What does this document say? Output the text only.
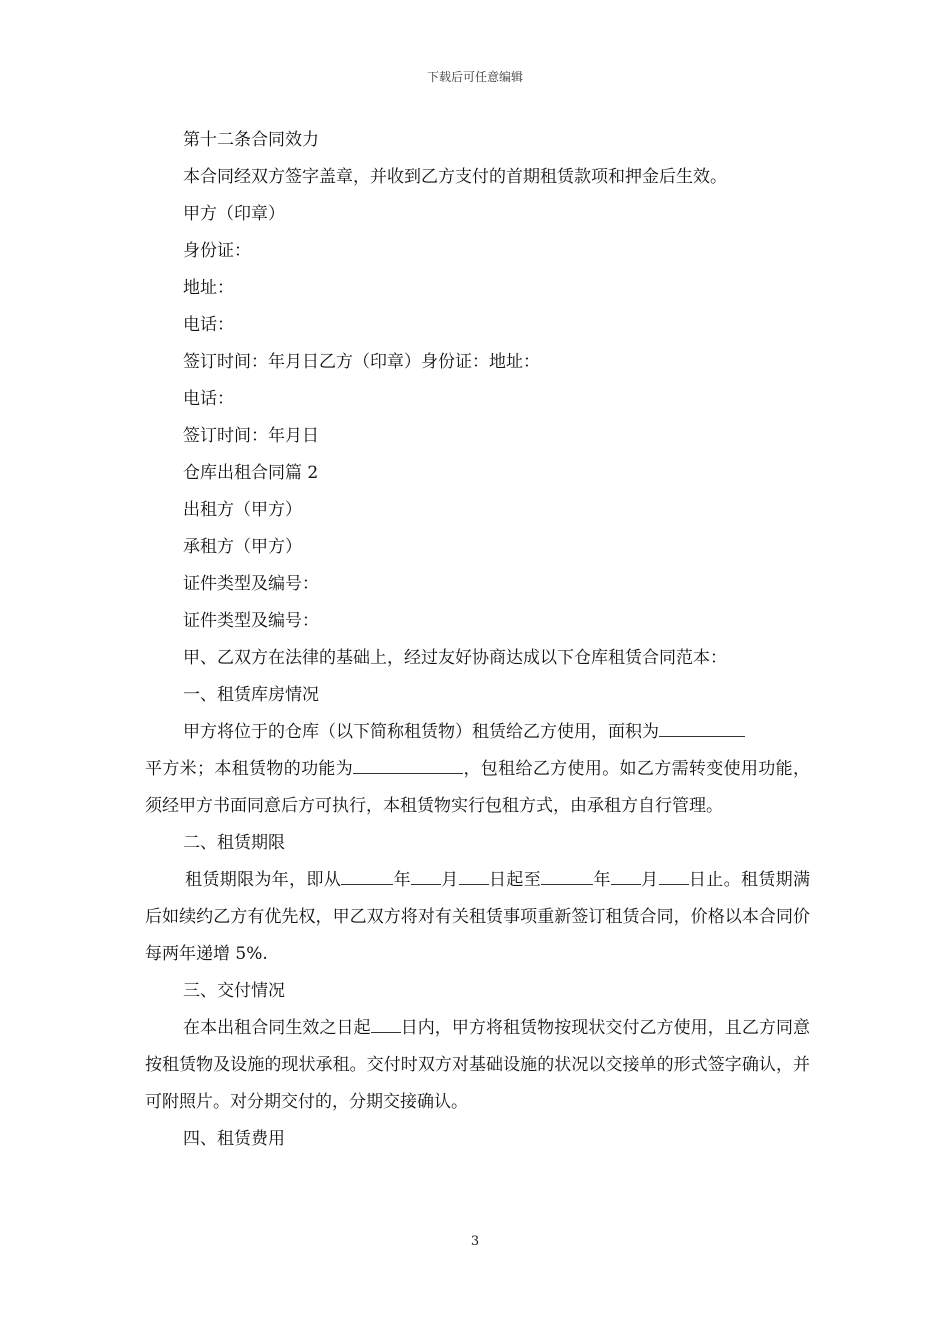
下载后可任意编辑
第十二条合同效力
本合同经双方签字盖章，并收到乙方支付的首期租赁款项和押金后生效。
甲方（印章）
身份证：
地址：
电话：
签订时间：年月日乙方（印章）身份证：地址：
电话：
签订时间：年月日
仓库出租合同篇 2
出租方（甲方）
承租方（甲方）
证件类型及编号：
证件类型及编号：
甲、乙双方在法律的基础上，经过友好协商达成以下仓库租赁合同范本：
一、租赁库房情况
甲方将位于的仓库（以下简称租赁物）租赁给乙方使用，面积为
平方米；本租赁物的功能为	，包租给乙方使用。如乙方需转变使用功能，须经甲方书面同意后方可执行，本租赁物实行包租方式，由承租方自行管理。
二、租赁期限
租赁期限为年，即从	年 月 日起至	年 月 日止。租赁期满后如续约乙方有优先权，甲乙双方将对有关租赁事项重新签订租赁合同，价格以本合同价每两年递增 5%.
三、交付情况
在本出租合同生效之日起 日内，甲方将租赁物按现状交付乙方使用，且乙方同意按租赁物及设施的现状承租。交付时双方对基础设施的状况以交接单的形式签字确认，并可附照片。对分期交付的，分期交接确认。
四、租赁费用
3
